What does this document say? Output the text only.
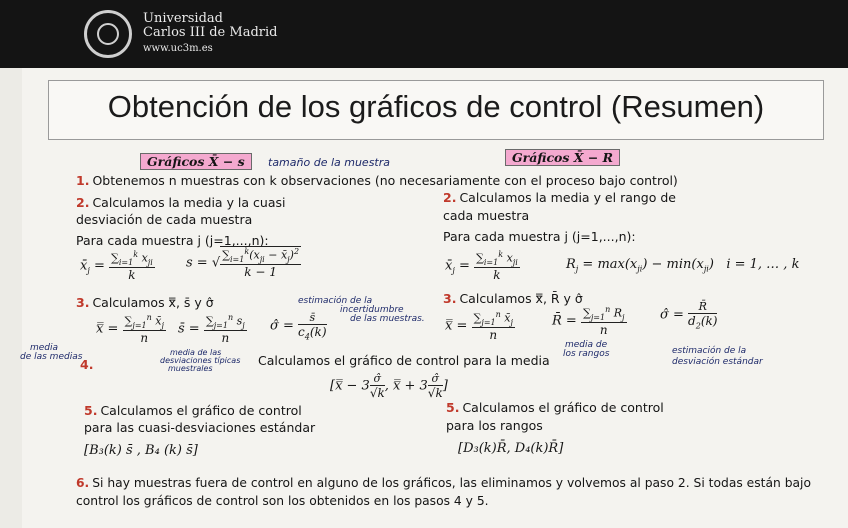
Universidad
Carlos III de Madrid
www.uc3m.es
Obtención de los gráficos de control (Resumen)
Gráficos X̄ − s	Gráficos X̄ − R
tamaño de la muestra
1. Obtenemos n muestras con k observaciones (no necesariamente con el proceso bajo control)
2. Calculamos la media y la cuasi
desviación de cada muestra
Para cada muestra j (j=1,...,n):
2. Calculamos la media y el rango de
cada muestra
Para cada muestra j (j=1,...,n):
$x̄_j = \frac{\sum_{i=1}^k x_{ji}}{k}$ s = √ $\frac{\sum_{i=1}^k(x_{ji} - x̄_j)^2}{k - 1}$	$x̄_j = \frac{\sum_{i=1}^k x_{ji}}{k}$	$R_j = \max(x_{ji}) - \min(x_{ji}) i = 1$, … , k
3. Calculamos x̿, s̄ y σ̂	3. Calculamos x̿, R̄ y σ̂
estimación de la
incertidumbre
de las muestras.
x̿ = $\frac{\sum_{j=1}^n x̄_j}{n}$ s̄ = $\frac{\sum_{j=1}^n s_j}{n}$ σ̂ = $\frac{s̄}{c_4(k)}$	x̿ = $\frac{\sum_{j=1}^n x̄_j}{n}$	R̄ = $\frac{\sum_{j=1}^n R_j}{n}$	σ̂ = $\frac{R̄}{d_2(k)}$
media
de las medias	media de las
desviaciones típicas
muestrales
media de
los rangos	estimación de la
desviación estándar
4.	Calculamos el gráfico de control para la media
[x̿ − $3 \frac{\sigmâ}{√k}$ , x̿ + $3 \frac{\sigmâ}{√k}$ ]
5. Calculamos el gráfico de control
para las cuasi-desviaciones estándar
[B₃(k) s̄ , B₄ (k) s̄]
5. Calculamos el gráfico de control
para los rangos
[D₃(k)R̄, D₄(k)R̄]
6. Si hay muestras fuera de control en alguno de los gráficos, las eliminamos y volvemos al paso 2. Si todas están bajo
control los gráficos de control son los obtenidos en los pasos 4 y 5.
